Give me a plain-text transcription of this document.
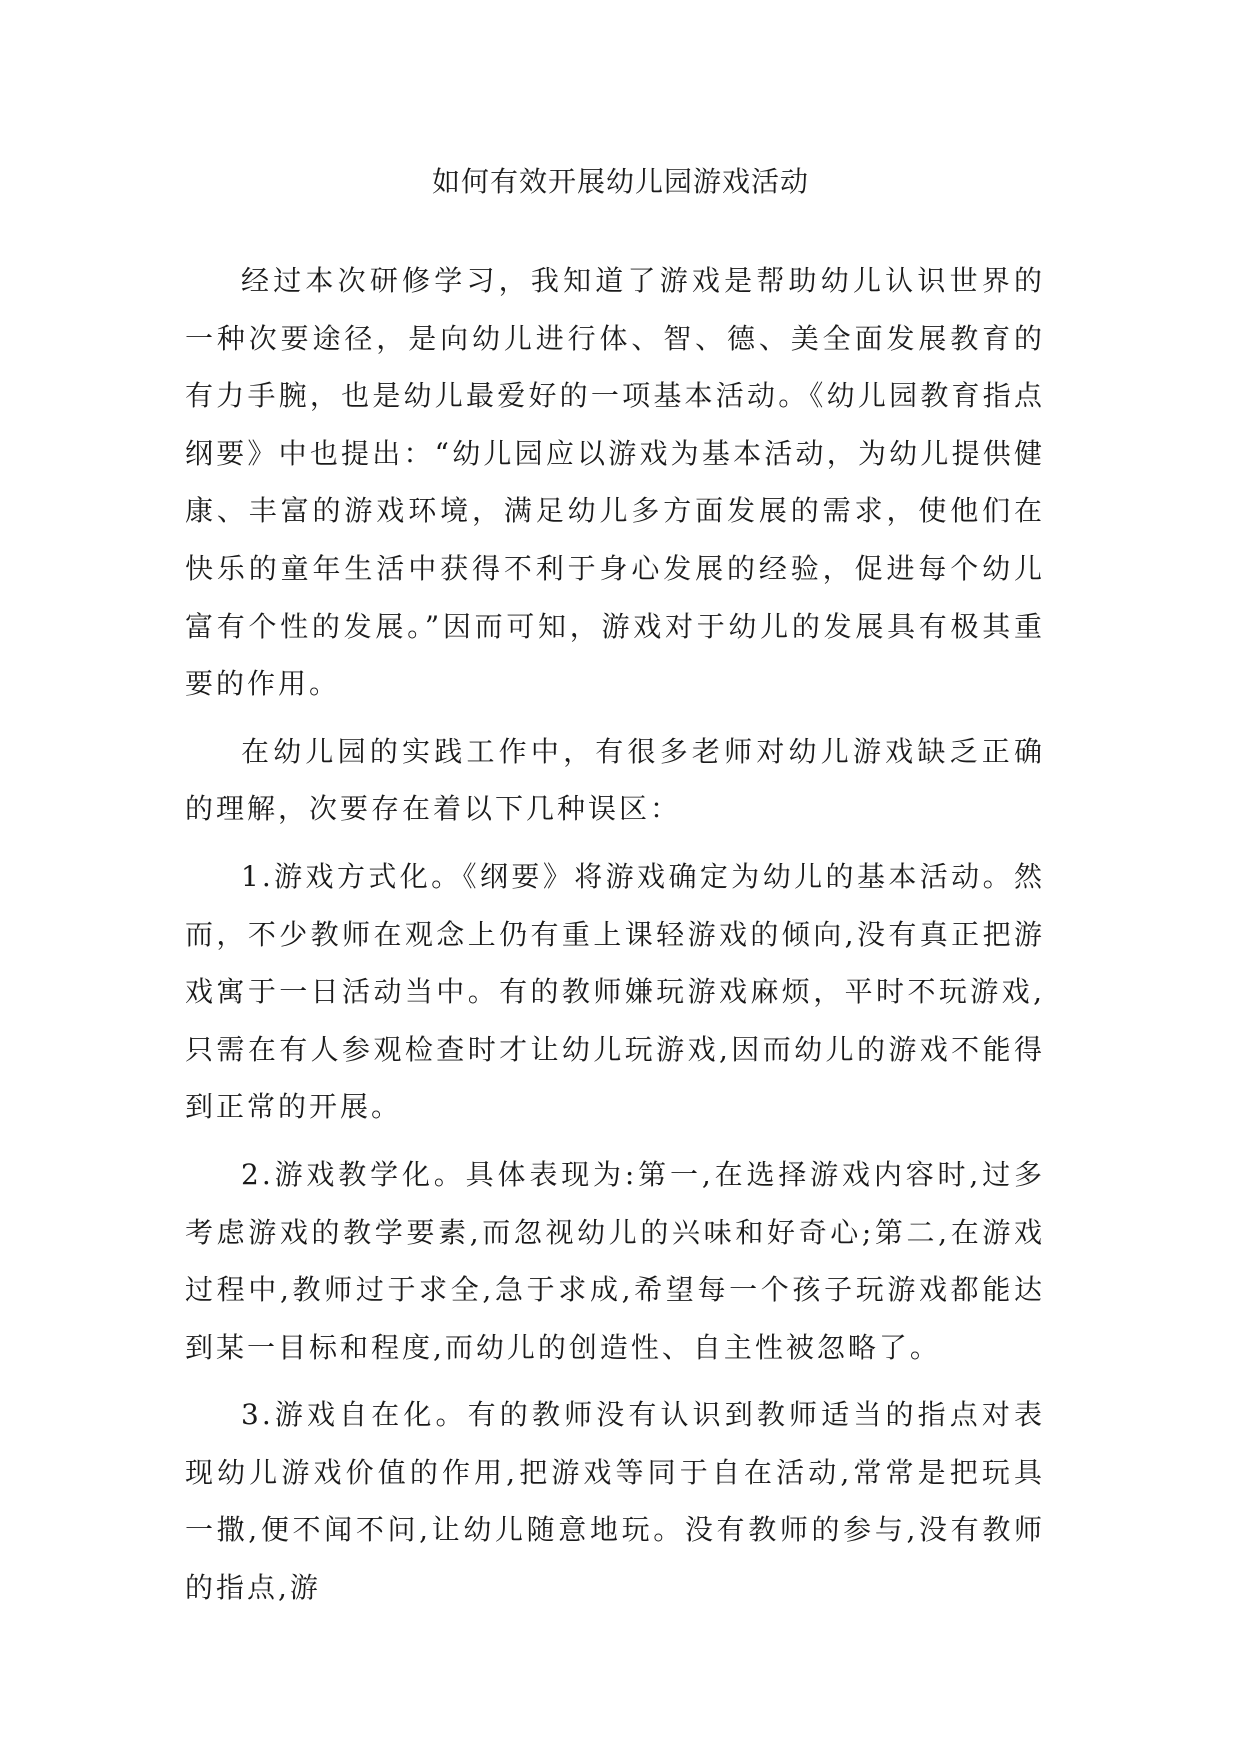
如何有效开展幼儿园游戏活动

经过本次研修学习，我知道了游戏是帮助幼儿认识世界的一种次要途径，是向幼儿进行体、智、德、美全面发展教育的有力手腕，也是幼儿最爱好的一项基本活动。《幼儿园教育指点纲要》中也提出：“幼儿园应以游戏为基本活动，为幼儿提供健康、丰富的游戏环境，满足幼儿多方面发展的需求，使他们在快乐的童年生活中获得不利于身心发展的经验，促进每个幼儿富有个性的发展。”因而可知，游戏对于幼儿的发展具有极其重要的作用。

在幼儿园的实践工作中，有很多老师对幼儿游戏缺乏正确的理解，次要存在着以下几种误区：

1.游戏方式化。《纲要》将游戏确定为幼儿的基本活动。然而，不少教师在观念上仍有重上课轻游戏的倾向,没有真正把游戏寓于一日活动当中。有的教师嫌玩游戏麻烦，平时不玩游戏,只需在有人参观检查时才让幼儿玩游戏,因而幼儿的游戏不能得到正常的开展。

2.游戏教学化。具体表现为:第一,在选择游戏内容时,过多考虑游戏的教学要素,而忽视幼儿的兴味和好奇心;第二,在游戏过程中,教师过于求全,急于求成,希望每一个孩子玩游戏都能达到某一目标和程度,而幼儿的创造性、自主性被忽略了。

3.游戏自在化。有的教师没有认识到教师适当的指点对表现幼儿游戏价值的作用,把游戏等同于自在活动,常常是把玩具一撒,便不闻不问,让幼儿随意地玩。没有教师的参与,没有教师的指点,游
